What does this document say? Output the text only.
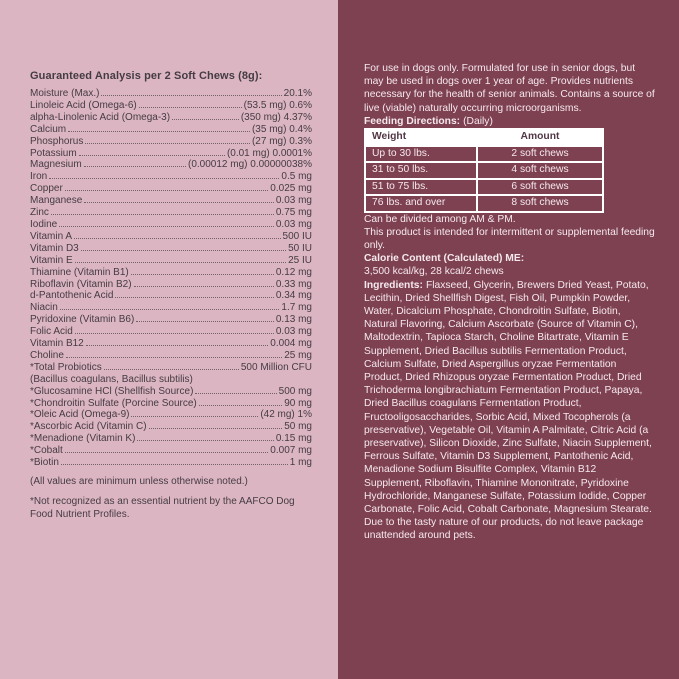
Guaranteed Analysis per 2 Soft Chews (8g):

Moisture (Max.)	20.1%
Linoleic Acid (Omega-6)	(53.5 mg) 0.6%
alpha-Linolenic Acid (Omega-3)	(350 mg) 4.37%
Calcium	(35 mg) 0.4%
Phosphorus	(27 mg) 0.3%
Potassium	(0.01 mg) 0.0001%
Magnesium	(0.00012 mg) 0.00000038%
Iron	0.5 mg
Copper	0.025 mg
Manganese	0.03 mg
Zinc	0.75 mg
Iodine	0.03 mg
Vitamin A	500 IU
Vitamin D3	50 IU
Vitamin E	25 IU
Thiamine (Vitamin B1)	0.12 mg
Riboflavin (Vitamin B2)	0.33 mg
d-Pantothenic Acid	0.34 mg
Niacin	1.7 mg
Pyridoxine (Vitamin B6)	0.13 mg
Folic Acid	0.03 mg
Vitamin B12	0.004 mg
Choline	25 mg
*Total Probiotics	500 Million CFU
(Bacillus coagulans, Bacillus subtilis)
*Glucosamine HCl (Shellfish Source)	500 mg
*Chondroitin Sulfate (Porcine Source)	90 mg
*Oleic Acid (Omega-9)	(42 mg) 1%
*Ascorbic Acid (Vitamin C)	50 mg
*Menadione (Vitamin K)	0.15 mg
*Cobalt	0.007 mg
*Biotin	1 mg

(All values are minimum unless otherwise noted.)

*Not recognized as an essential nutrient by the AAFCO Dog Food Nutrient Profiles.

For use in dogs only. Formulated for use in senior dogs, but may be used in dogs over 1 year of age. Provides nutrients necessary for the health of senior animals. Contains a source of live (viable) naturally occurring microorganisms.

Feeding Directions: (Daily)

Weight	Amount
Up to 30 lbs.	2 soft chews
31 to 50 lbs.	4 soft chews
51 to 75 lbs.	6 soft chews
76 lbs. and over	8 soft chews

Can be divided among AM & PM.

This product is intended for intermittent or supplemental feeding only.

Calorie Content (Calculated) ME:

3,500 kcal/kg, 28 kcal/2 chews

Ingredients: Flaxseed, Glycerin, Brewers Dried Yeast, Potato, Lecithin, Dried Shellfish Digest, Fish Oil, Pumpkin Powder, Water, Dicalcium Phosphate, Chondroitin Sulfate, Biotin, Natural Flavoring, Calcium Ascorbate (Source of Vitamin C), Maltodextrin, Tapioca Starch, Choline Bitartrate, Vitamin E Supplement, Dried Bacillus subtilis Fermentation Product, Calcium Sulfate, Dried Aspergillus oryzae Fermentation Product, Dried Rhizopus oryzae Fermentation Product, Dried Trichoderma longibrachiatum Fermentation Product, Papaya, Dried Bacillus coagulans Fermentation Product, Fructooligosaccharides, Sorbic Acid, Mixed Tocopherols (a preservative), Vegetable Oil, Vitamin A Palmitate, Citric Acid (a preservative), Silicon Dioxide, Zinc Sulfate, Niacin Supplement, Ferrous Sulfate, Vitamin D3 Supplement, Pantothenic Acid, Menadione Sodium Bisulfite Complex, Vitamin B12 Supplement, Riboflavin, Thiamine Mononitrate, Pyridoxine Hydrochloride, Manganese Sulfate, Potassium Iodide, Copper Carbonate, Folic Acid, Cobalt Carbonate, Magnesium Stearate.

Due to the tasty nature of our products, do not leave package unattended around pets.
